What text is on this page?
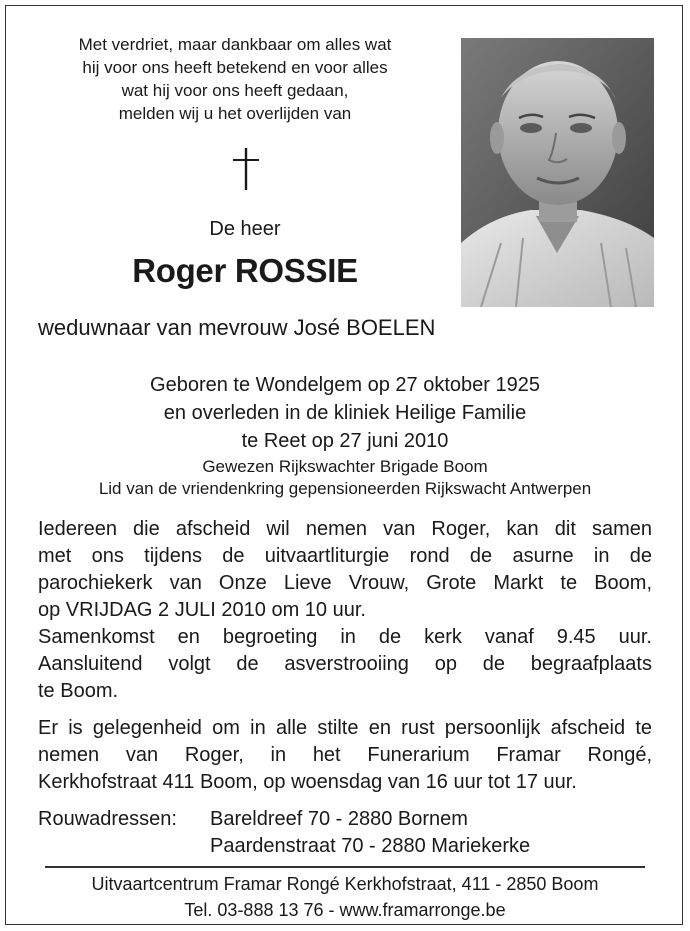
Met verdriet, maar dankbaar om alles wat
hij voor ons heeft betekend en voor alles
wat hij voor ons heeft gedaan,
melden wij u het overlijden van
De heer
Roger ROSSIE
weduwnaar van mevrouw José BOELEN
Geboren te Wondelgem op 27 oktober 1925
en overleden in de kliniek Heilige Familie
te Reet op 27 juni 2010
Gewezen Rijkswachter Brigade Boom
Lid van de vriendenkring gepensioneerden Rijkswacht Antwerpen
Iedereen die afscheid wil nemen van Roger, kan dit samen
met ons tijdens de uitvaartliturgie rond de asurne in de
parochiekerk van Onze Lieve Vrouw, Grote Markt te Boom,
op VRIJDAG 2 JULI 2010 om 10 uur.
Samenkomst en begroeting in de kerk vanaf 9.45 uur.
Aansluitend volgt de asverstrooiing op de begraafplaats
te Boom.
Er is gelegenheid om in alle stilte en rust persoonlijk afscheid te
nemen van Roger, in het Funerarium Framar Rongé,
Kerkhofstraat 411 Boom, op woensdag van 16 uur tot 17 uur.
Rouwadressen: Bareldreef 70 - 2880 Bornem
Paardenstraat 70 - 2880 Mariekerke
Uitvaartcentrum Framar Rongé Kerkhofstraat, 411 - 2850 Boom
Tel. 03-888 13 76 - www.framarronge.be
